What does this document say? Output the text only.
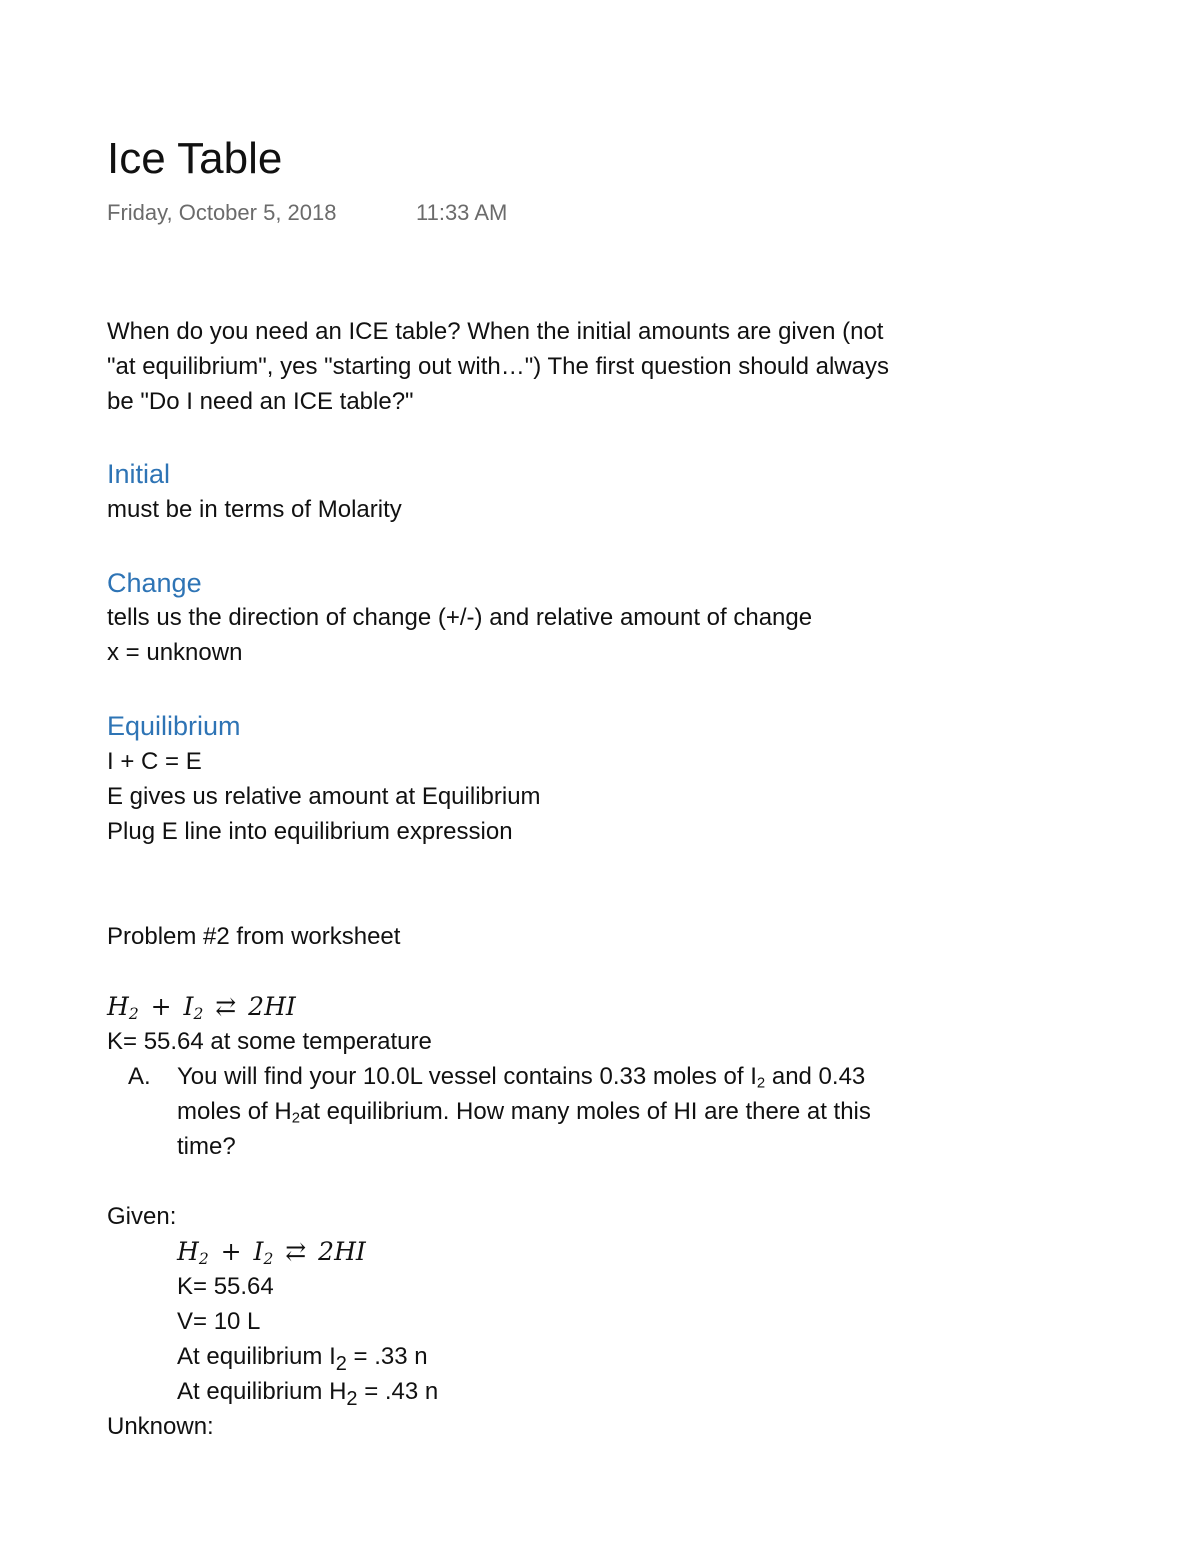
Ice Table
Friday, October 5, 2018	11:33 AM

When do you need an ICE table? When the initial amounts are given (not

"at equilibrium", yes "starting out with…") The first question should always

be "Do I need an ICE table?"

Initial

must be in terms of Molarity

Change

tells us the direction of change (+/-) and relative amount of change

x = unknown

Equilibrium

I + C = E

E gives us relative amount at Equilibrium

Plug E line into equilibrium expression

Problem #2 from worksheet

$H_2 + I_2$ ⇄ 2HI

K= 55.64 at some temperature

A. You will find your 10.0L vessel contains 0.33 moles of $I_2$ and 0.43
moles of $H_2at$ equilibrium. How many moles of HI are there at this
time?

Given:

$H_2 + I_2$ ⇄ 2HI
K= 55.64
V= 10 L
At equilibrium $I_2 = .33$ n
At equilibrium $H_2 = .43$ n

Unknown:
